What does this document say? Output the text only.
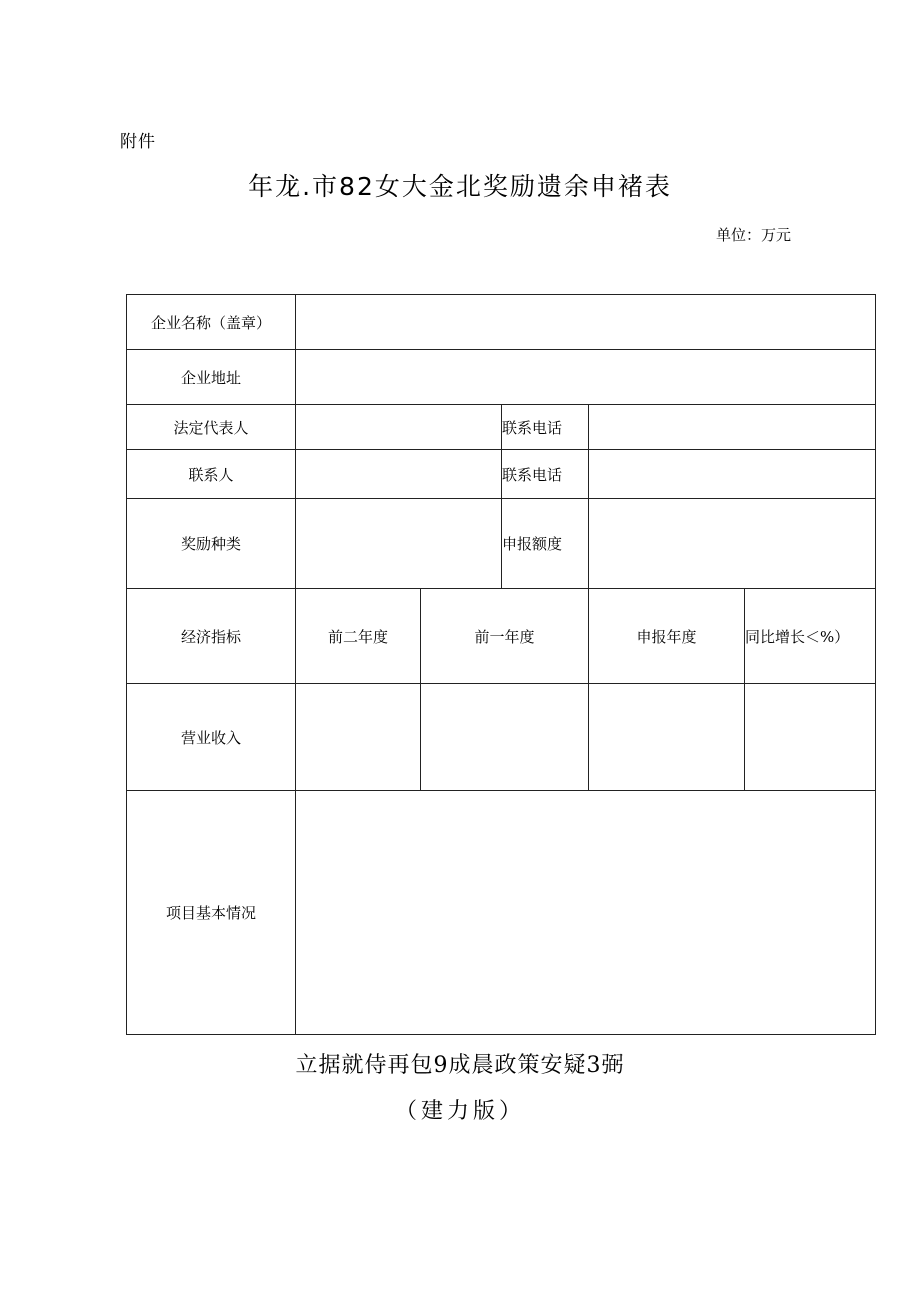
附件
年龙.市82女大金北奖励遗余申褚表
单位：万元
企业名称（盖章）					
企业地址					
法定代表人			联系电话		
联系人			联系电话		
奖励种类			申报额度		
经济指标	前二年度	前一年度		申报年度	同比增长＜%）
营业收入					
项目基本情况					
立据就侍再包9成晨政策安疑3弼
（建力版）
